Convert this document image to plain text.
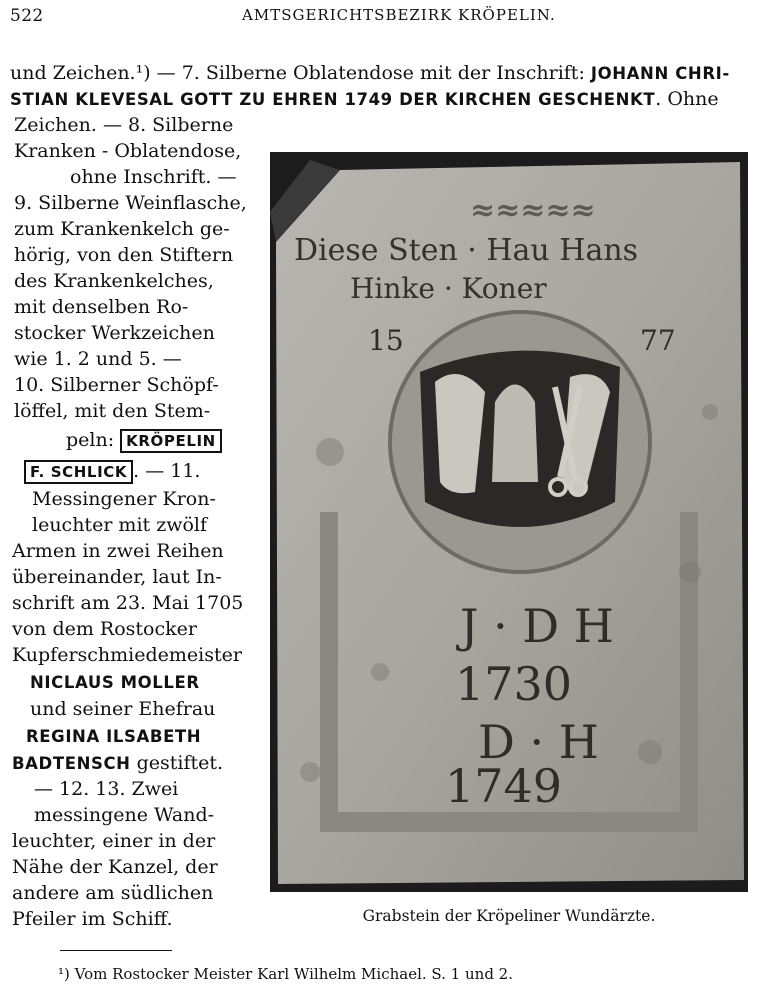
522	AMTSGERICHTSBEZIRK KRÖPELIN.
und Zeichen.¹) — 7. Silberne Oblatendose mit der Inschrift: JOHANN CHRI-
STIAN KLEVESAL GOTT ZU EHREN 1749 DER KIRCHEN GESCHENKT. Ohne
Zeichen. — 8. Silberne
Kranken - Oblatendose,
ohne Inschrift. —
9. Silberne Weinflasche,
zum Krankenkelch ge-
hörig, von den Stiftern
des Krankenkelches,
mit denselben Ro-
stocker Werkzeichen
wie 1. 2 und 5. —
10. Silberner Schöpf-
löffel, mit den Stem-
peln: KRÖPELIN
F. SCHLICK . — 11.
Messingener Kron-
leuchter mit zwölf
Armen in zwei Reihen
übereinander, laut In-
schrift am 23. Mai 1705
von dem Rostocker
Kupferschmiedemeister
NICLAUS MOLLER
und seiner Ehefrau
REGINA ILSABETH
BADTENSCH gestiftet.
— 12. 13. Zwei
messingene Wand-
leuchter, einer in der
Nähe der Kanzel, der
andere am südlichen
Pfeiler im Schiff.
≈≈≈≈≈
Diese Sten · Hau Hans
Hinke · Koner
15	77
J · D H
1730
D · H
1749
Grabstein der Kröpeliner Wundärzte.
¹) Vom Rostocker Meister Karl Wilhelm Michael. S. 1 und 2.
